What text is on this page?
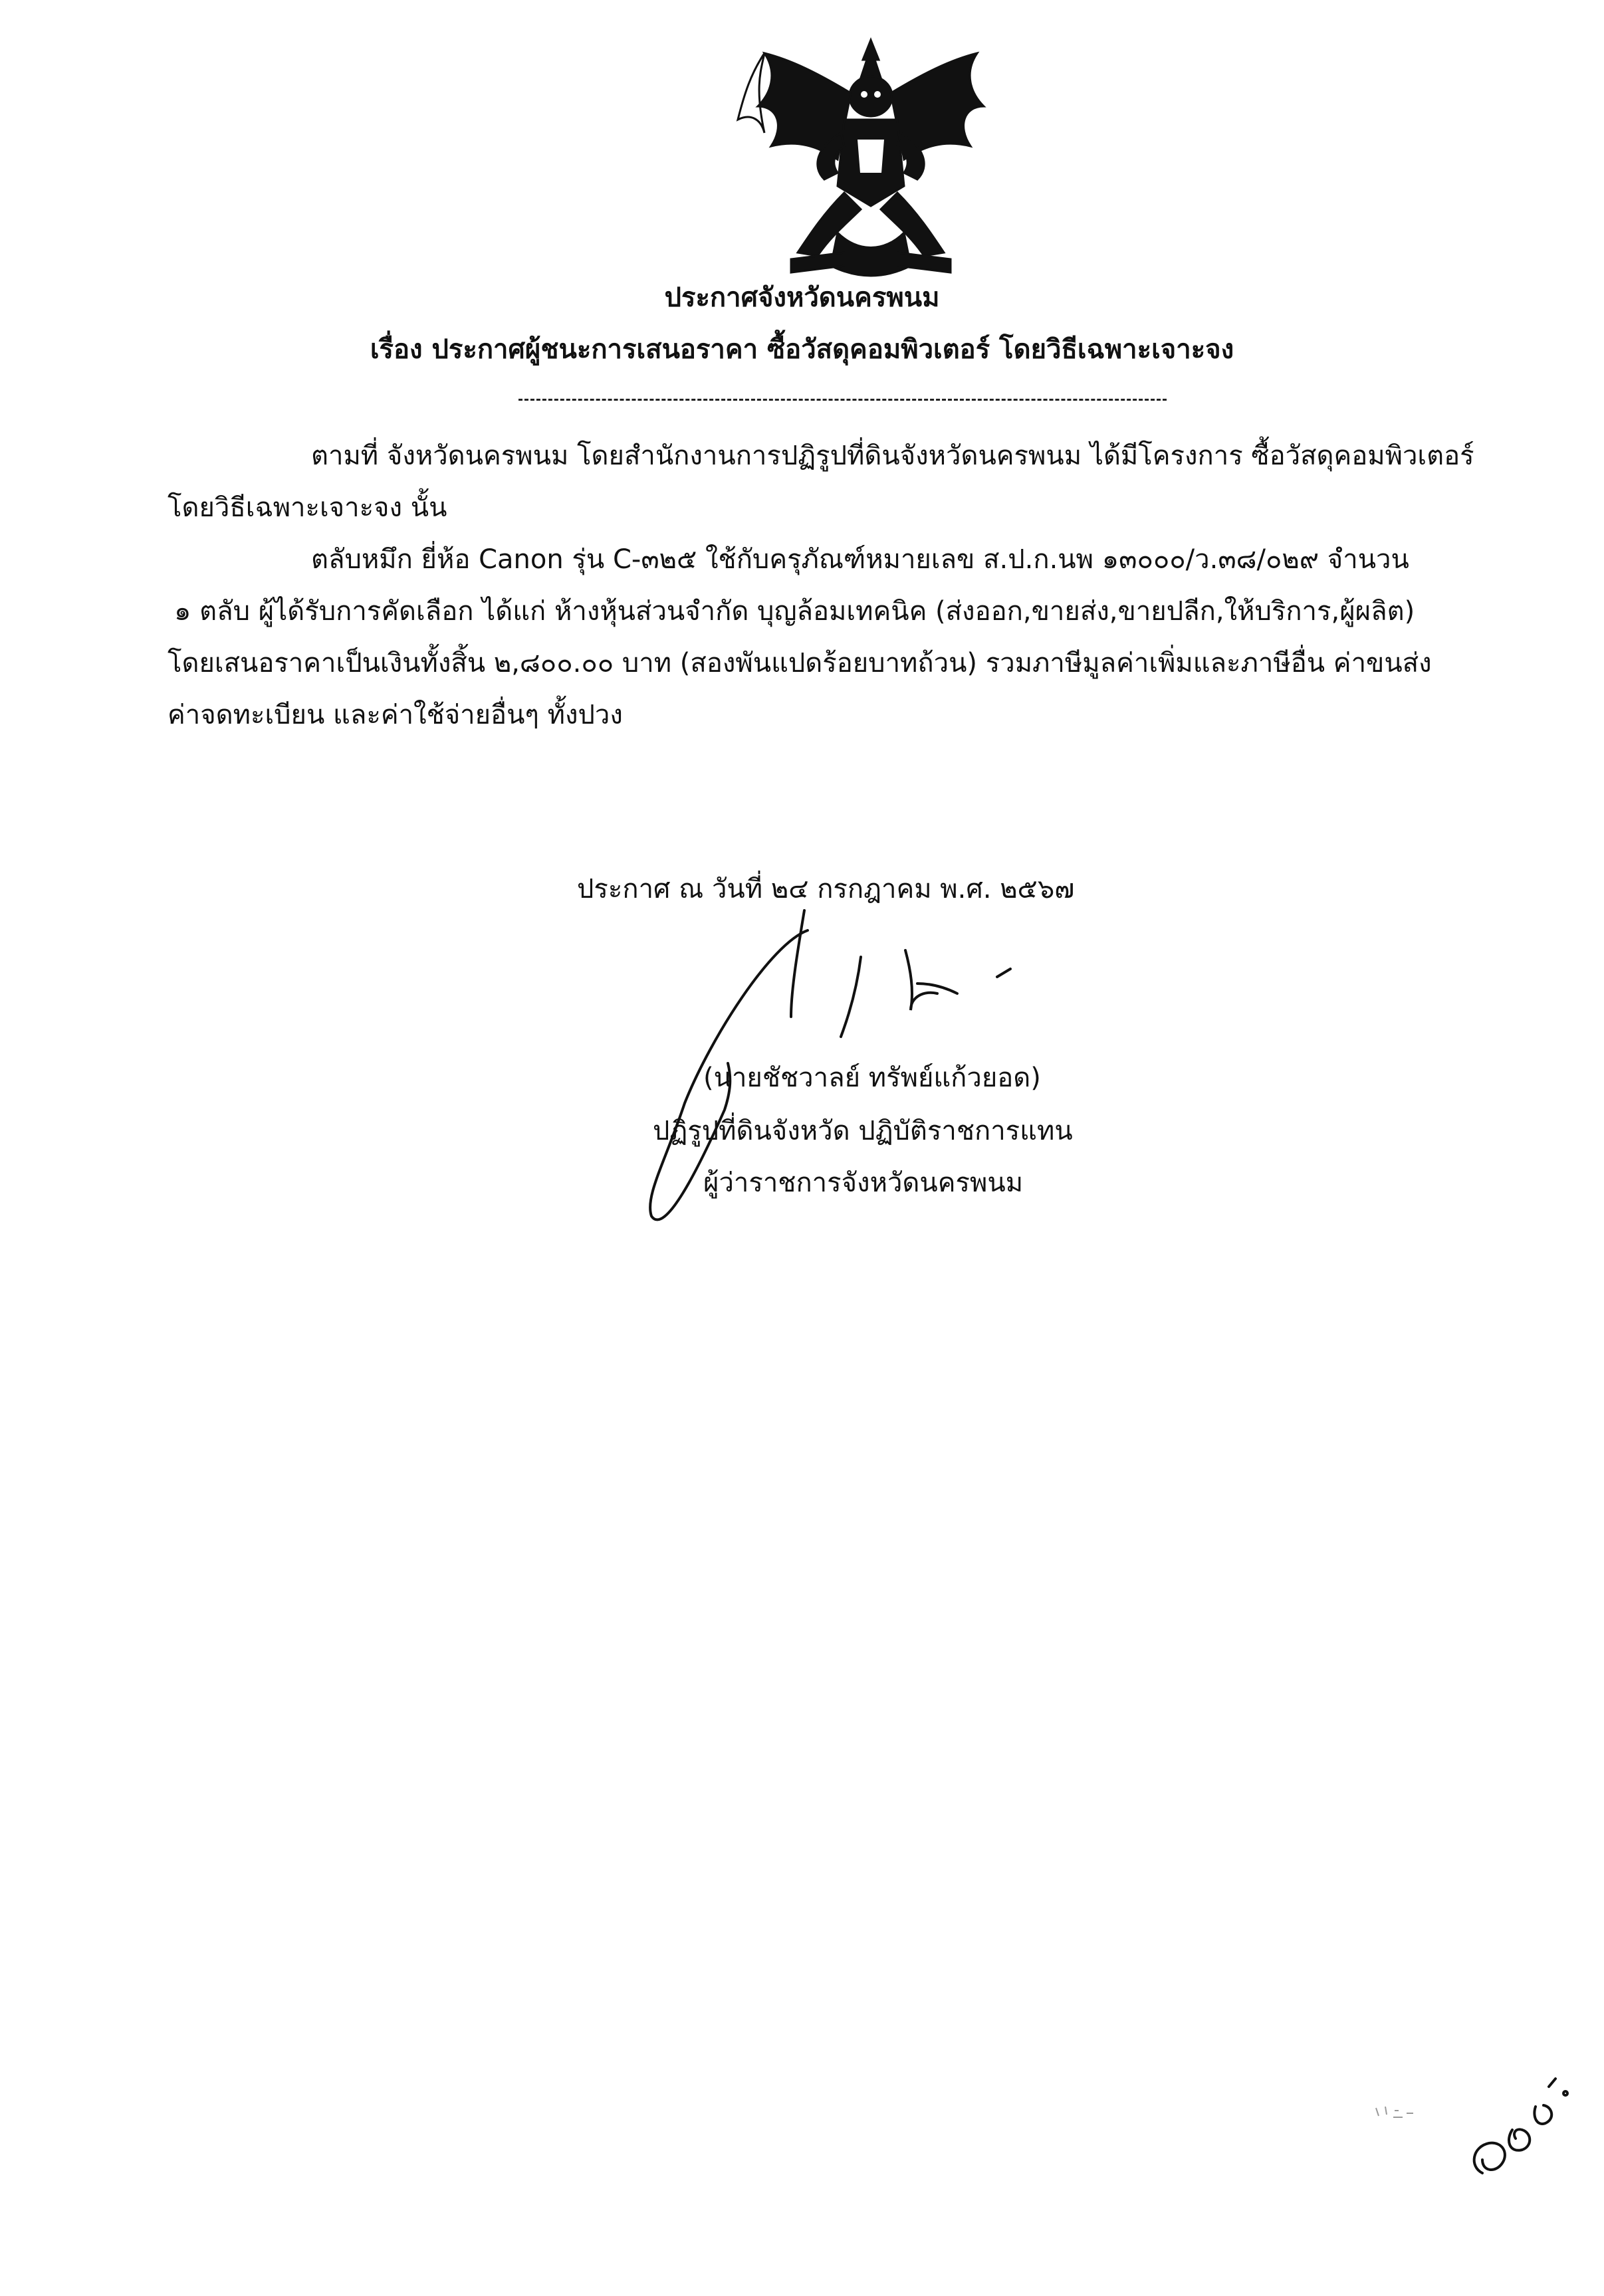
ประกาศจังหวัดนครพนม
เรื่อง ประกาศผู้ชนะการเสนอราคา ซื้อวัสดุคอมพิวเตอร์ โดยวิธีเฉพาะเจาะจง
ตามที่ จังหวัดนครพนม โดยสำนักงานการปฏิรูปที่ดินจังหวัดนครพนม ได้มีโครงการ ซื้อวัสดุคอมพิวเตอร์
โดยวิธีเฉพาะเจาะจง นั้น
ตลับหมึก ยี่ห้อ Canon รุ่น C-๓๒๕ ใช้กับครุภัณฑ์หมายเลข ส.ป.ก.นพ ๑๓๐๐๐/ว.๓๘/๐๒๙ จำนวน
๑ ตลับ ผู้ได้รับการคัดเลือก ได้แก่ ห้างหุ้นส่วนจำกัด บุญล้อมเทคนิค (ส่งออก,ขายส่ง,ขายปลีก,ให้บริการ,ผู้ผลิต)
โดยเสนอราคาเป็นเงินทั้งสิ้น ๒,๘๐๐.๐๐ บาท (สองพันแปดร้อยบาทถ้วน) รวมภาษีมูลค่าเพิ่มและภาษีอื่น ค่าขนส่ง
ค่าจดทะเบียน และค่าใช้จ่ายอื่นๆ ทั้งปวง
ประกาศ ณ วันที่ ๒๔ กรกฎาคม พ.ศ. ๒๕๖๗
(นายชัชวาลย์ ทรัพย์แก้วยอด)
ปฏิรูปที่ดินจังหวัด ปฏิบัติราชการแทน
ผู้ว่าราชการจังหวัดนครพนม
